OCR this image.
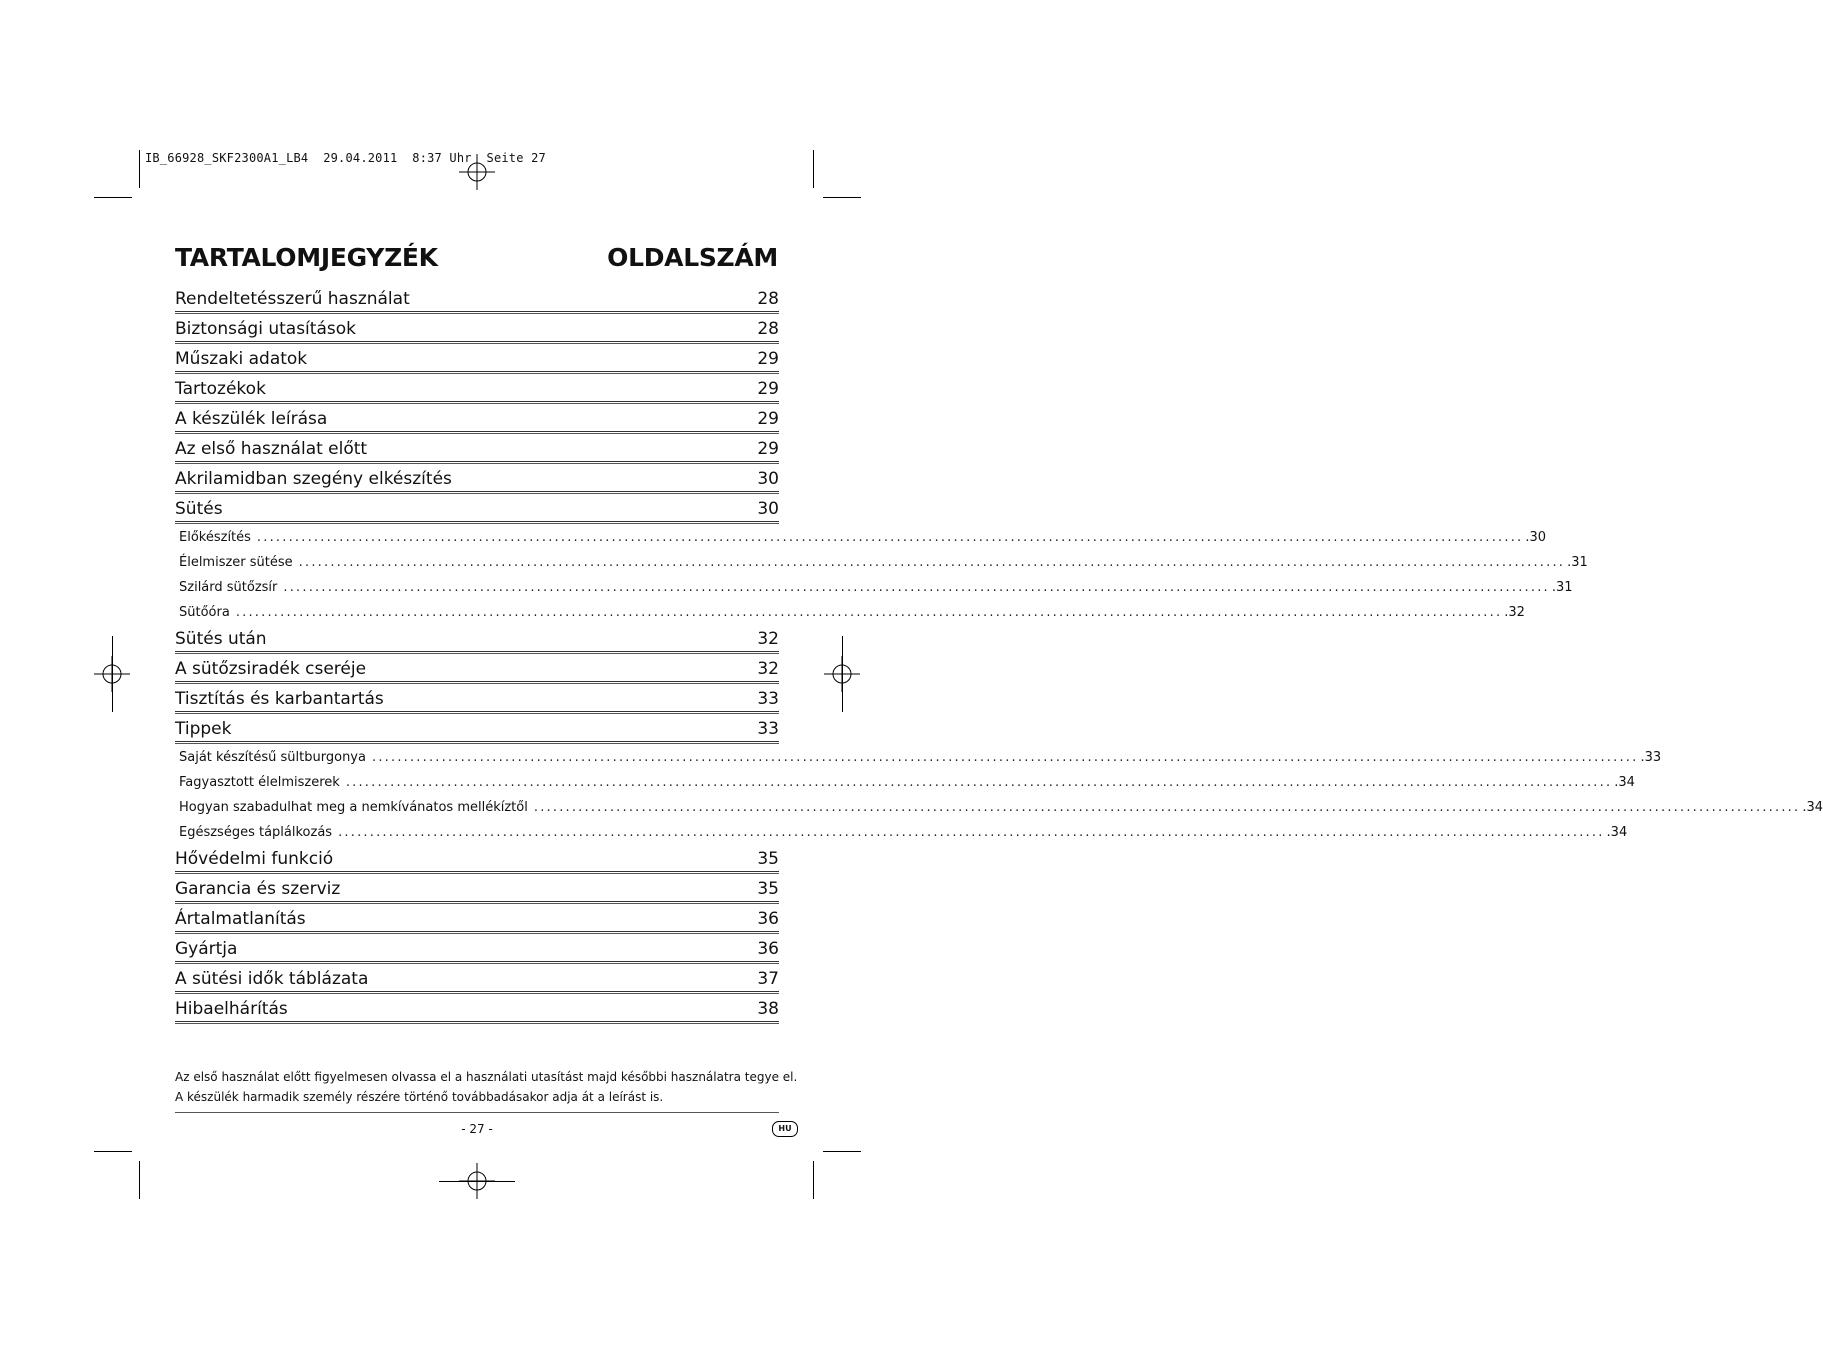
IB_66928_SKF2300A1_LB4  29.04.2011  8:37 Uhr  Seite 27
TARTALOMJEGYZÉK	OLDALSZÁM
Rendeltetésszerű használat	28
Biztonsági utasítások	28
Műszaki adatok	29
Tartozékok	29
A készülék leírása	29
Az első használat előtt	29
Akrilamidban szegény elkészítés	30
Sütés	30
Előkészítés ........................................................................................................................................................................................................ .30
Élelmiszer sütése ........................................................................................................................................................................................................ .31
Szilárd sütőzsír ........................................................................................................................................................................................................ .31
Sütőóra ........................................................................................................................................................................................................ .32
Sütés után	32
A sütőzsiradék cseréje	32
Tisztítás és karbantartás	33
Tippek	33
Saját készítésű sültburgonya ........................................................................................................................................................................................................ .33
Fagyasztott élelmiszerek ........................................................................................................................................................................................................ .34
Hogyan szabadulhat meg a nemkívánatos mellékíztől ........................................................................................................................................................................................................ .34
Egészséges táplálkozás ........................................................................................................................................................................................................ .34
Hővédelmi funkció	35
Garancia és szerviz	35
Ártalmatlanítás	36
Gyártja	36
A sütési idők táblázata	37
Hibaelhárítás	38
Az első használat előtt figyelmesen olvassa el a használati utasítást majd későbbi használatra tegye el.
A készülék harmadik személy részére történő továbbadásakor adja át a leírást is.
- 27 -	HU
